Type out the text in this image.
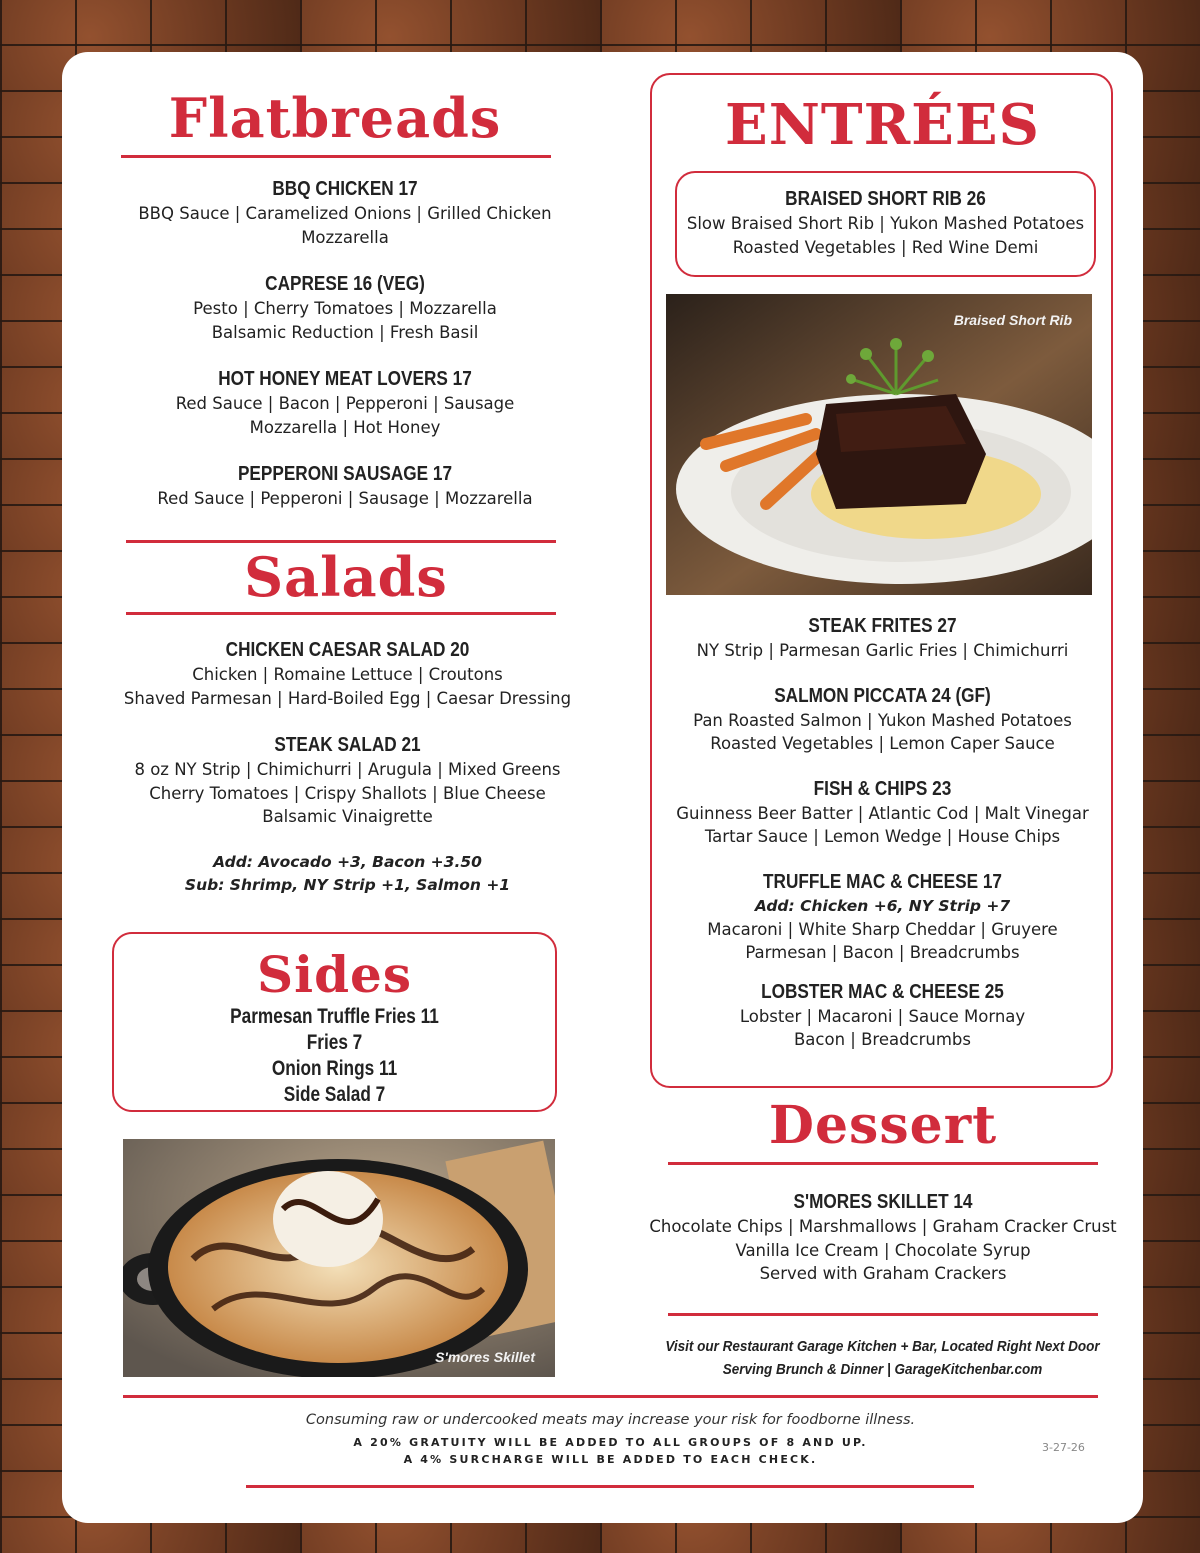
Flatbreads

BBQ CHICKEN 17

BBQ Sauce | Caramelized Onions | Grilled Chicken

Mozzarella

CAPRESE 16 (VEG)

Pesto | Cherry Tomatoes | Mozzarella

Balsamic Reduction | Fresh Basil

HOT HONEY MEAT LOVERS 17

Red Sauce | Bacon | Pepperoni | Sausage

Mozzarella | Hot Honey

PEPPERONI SAUSAGE 17

Red Sauce | Pepperoni | Sausage | Mozzarella

Salads

CHICKEN CAESAR SALAD 20

Chicken | Romaine Lettuce | Croutons

Shaved Parmesan | Hard-Boiled Egg | Caesar Dressing

STEAK SALAD 21

8 oz NY Strip | Chimichurri | Arugula | Mixed Greens

Cherry Tomatoes | Crispy Shallots | Blue Cheese

Balsamic Vinaigrette

Add: Avocado +3, Bacon +3.50

Sub: Shrimp, NY Strip +1, Salmon +1

Sides

Parmesan Truffle Fries 11

Fries 7

Onion Rings 11

Side Salad 7

S'mores Skillet
ENTRÉES

BRAISED SHORT RIB 26

Slow Braised Short Rib | Yukon Mashed Potatoes

Roasted Vegetables | Red Wine Demi

Braised Short Rib

STEAK FRITES 27

NY Strip | Parmesan Garlic Fries | Chimichurri

SALMON PICCATA 24 (GF)

Pan Roasted Salmon | Yukon Mashed Potatoes

Roasted Vegetables | Lemon Caper Sauce

FISH & CHIPS 23

Guinness Beer Batter | Atlantic Cod | Malt Vinegar

Tartar Sauce | Lemon Wedge | House Chips

TRUFFLE MAC & CHEESE 17

Add: Chicken +6, NY Strip +7

Macaroni | White Sharp Cheddar | Gruyere

Parmesan | Bacon | Breadcrumbs

LOBSTER MAC & CHEESE 25

Lobster | Macaroni | Sauce Mornay

Bacon | Breadcrumbs

Dessert

S'MORES SKILLET 14

Chocolate Chips | Marshmallows | Graham Cracker Crust

Vanilla Ice Cream | Chocolate Syrup

Served with Graham Crackers

Visit our Restaurant Garage Kitchen + Bar, Located Right Next Door

Serving Brunch & Dinner | GarageKitchenbar.com

Consuming raw or undercooked meats may increase your risk for foodborne illness.

A 20% GRATUITY WILL BE ADDED TO ALL GROUPS OF 8 AND UP.

A 4% SURCHARGE WILL BE ADDED TO EACH CHECK.

3-27-26
